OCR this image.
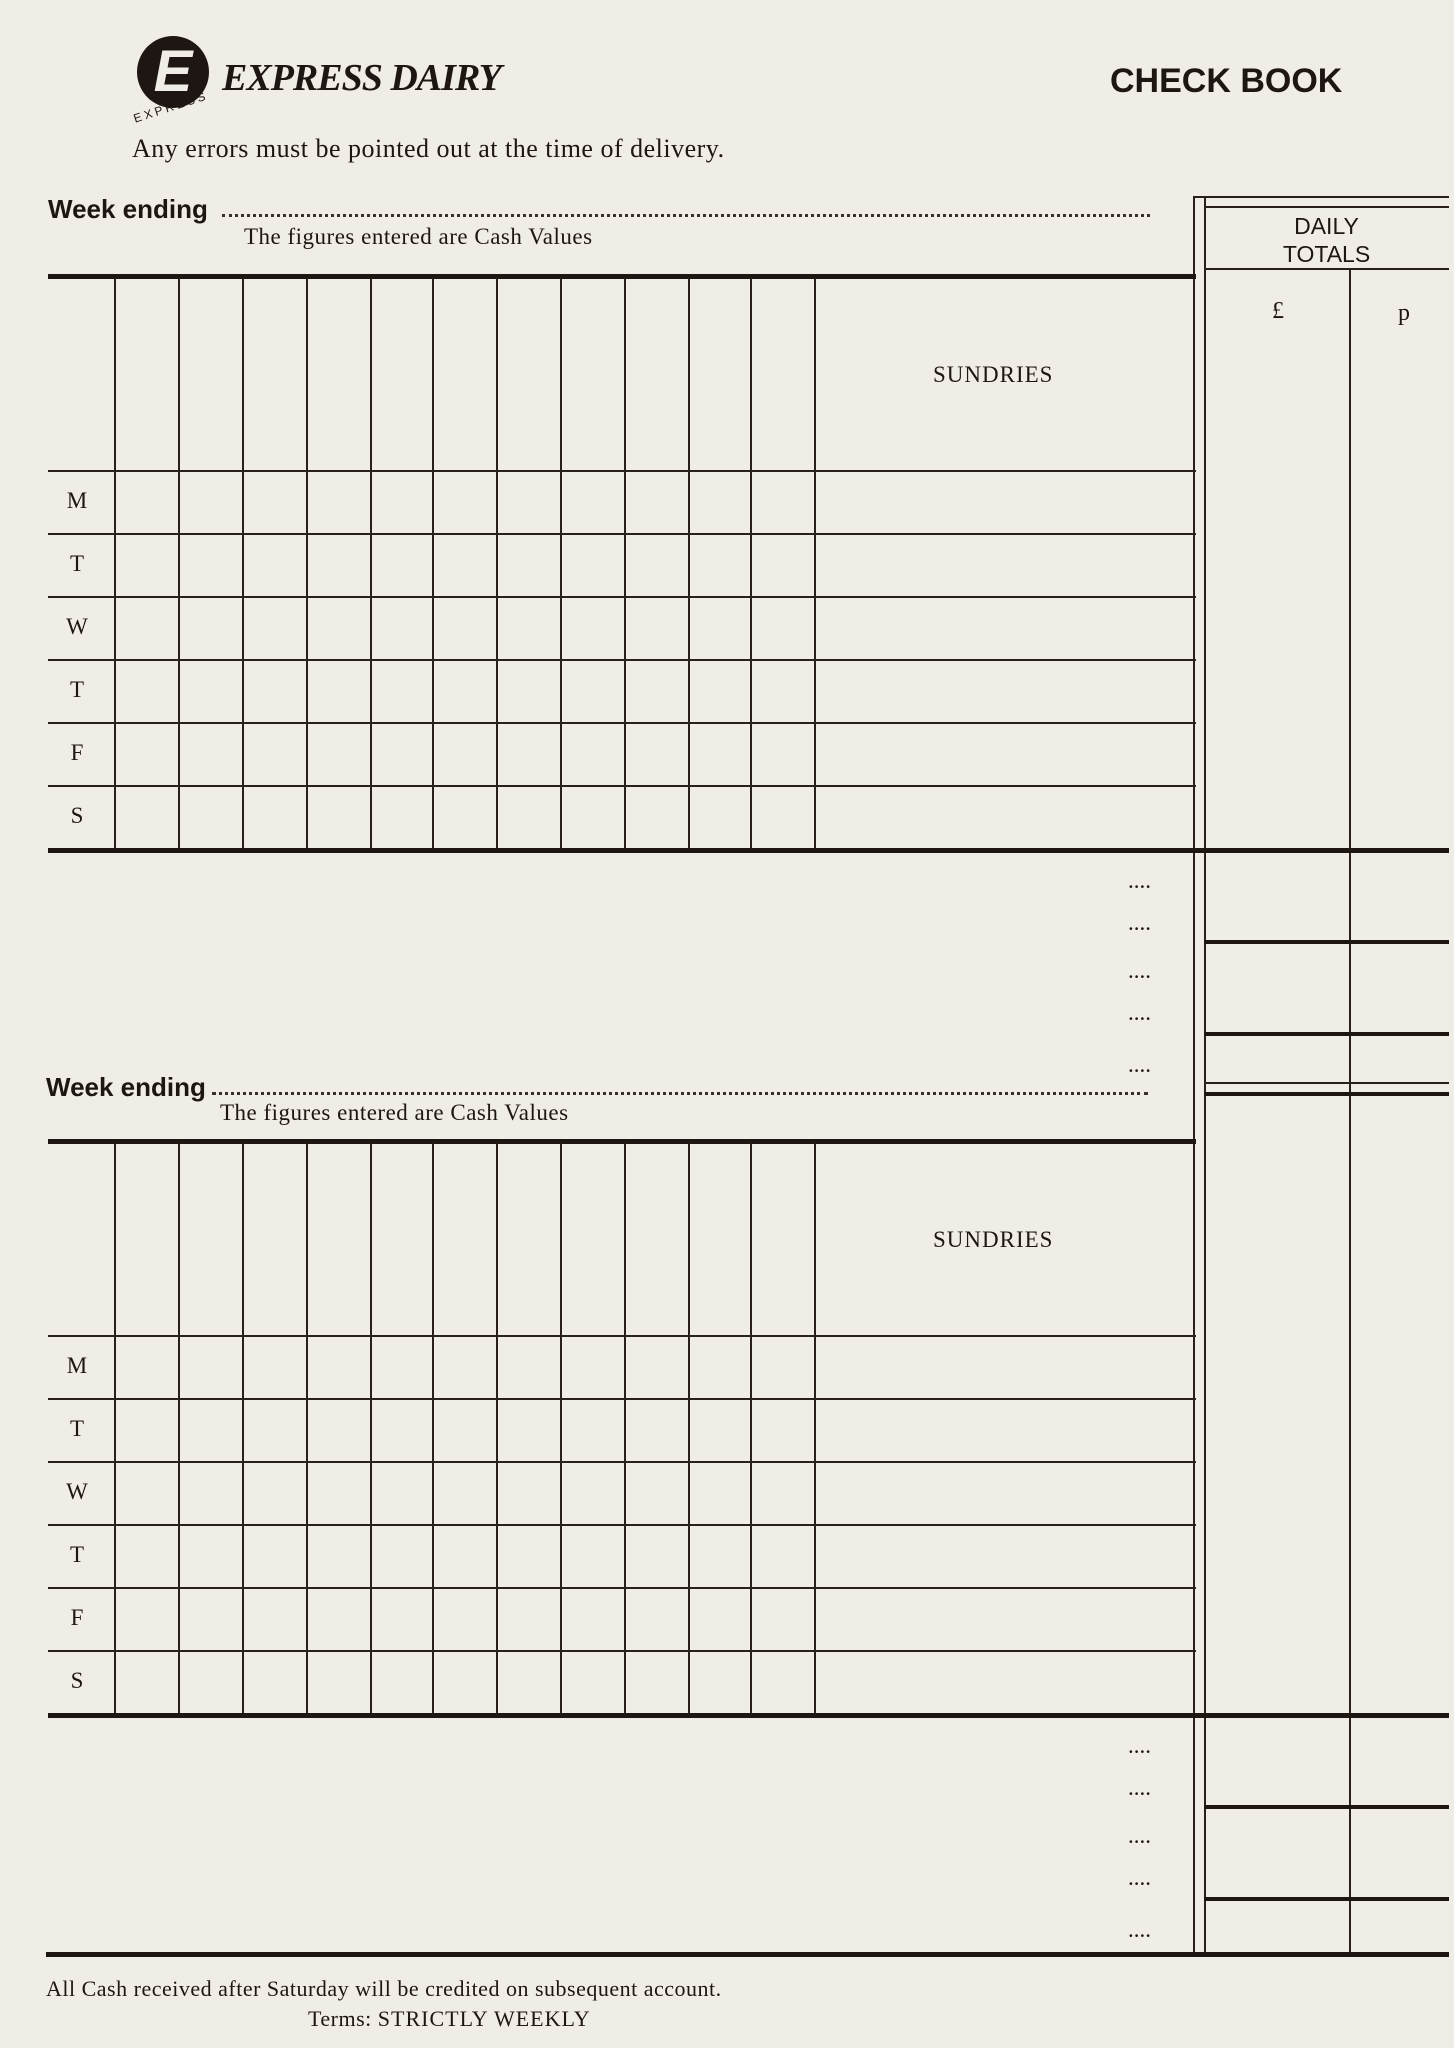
E
EXPRESS
EXPRESS DAIRY	CHECK BOOK
Any errors must be pointed out at the time of delivery.
DAILY
TOTALS
£	p
Week ending
The figures entered are Cash Values
SUNDRIES
M
T
W
T
F
S
....
....
....
....
....
Week ending
The figures entered are Cash Values
SUNDRIES
M
T
W
T
F
S
....
....
....
....
....
All Cash received after Saturday will be credited on subsequent account.
Terms: STRICTLY WEEKLY
